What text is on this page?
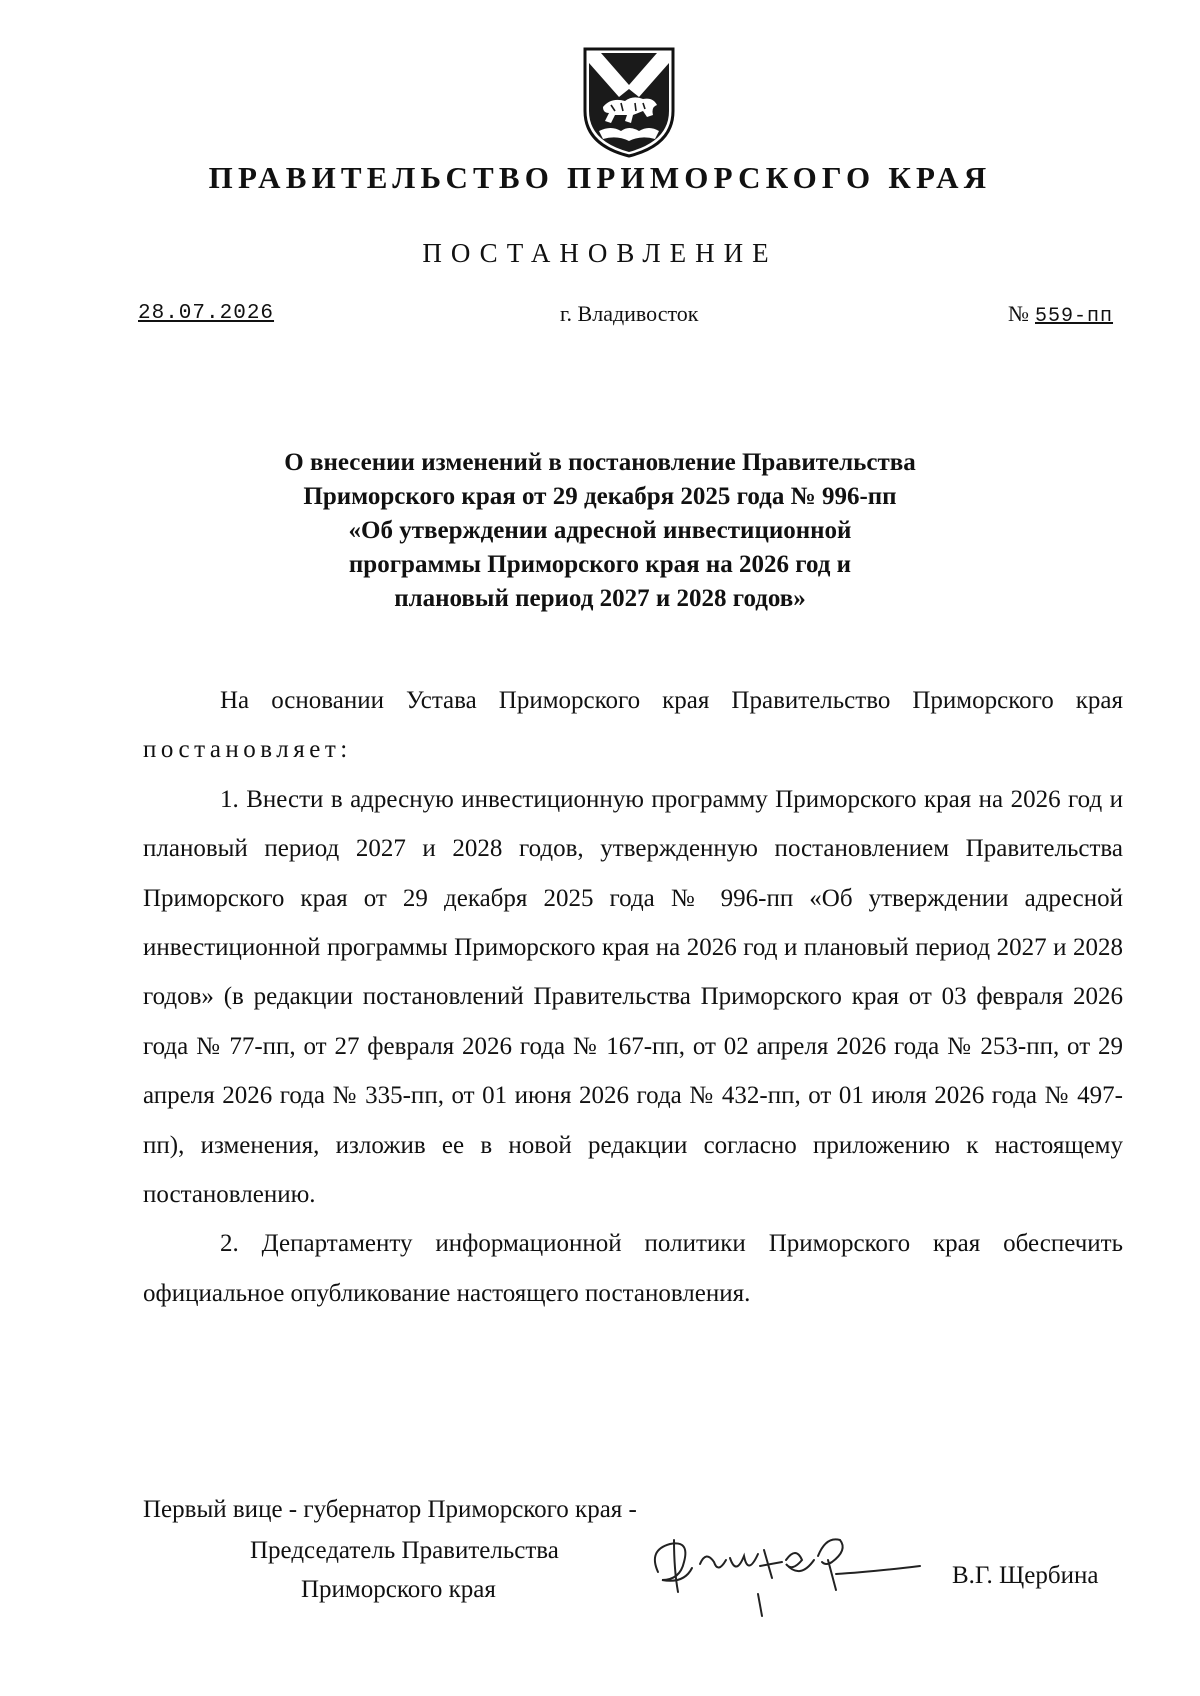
ПРАВИТЕЛЬСТВО ПРИМОРСКОГО КРАЯ
ПОСТАНОВЛЕНИЕ
28.07.2026	г. Владивосток	№ 559-пп
О внесении изменений в постановление Правительства
Приморского края от 29 декабря 2025 года № 996-пп
«Об утверждении адресной инвестиционной
программы Приморского края на 2026 год и
плановый период 2027 и 2028 годов»

На основании Устава Приморского края Правительство Приморского края постановляет:

1. Внести в адресную инвестиционную программу Приморского края на 2026 год и плановый период 2027 и 2028 годов, утвержденную постановлением Правительства Приморского края от 29 декабря 2025 года № 996-пп «Об утверждении адресной инвестиционной программы Приморского края на 2026 год и плановый период 2027 и 2028 годов» (в редакции постановлений Правительства Приморского края от 03 февраля 2026 года № 77-пп, от 27 февраля 2026 года № 167-пп, от 02 апреля 2026 года № 253-пп, от 29 апреля 2026 года № 335-пп, от 01 июня 2026 года № 432-пп, от 01 июля 2026 года № 497-пп), изменения, изложив ее в новой редакции согласно приложению к настоящему постановлению.

2. Департаменту информационной политики Приморского края обеспечить официальное опубликование настоящего постановления.

Первый вице - губернатор Приморского края -
Председатель Правительства
Приморского края
В.Г. Щербина
